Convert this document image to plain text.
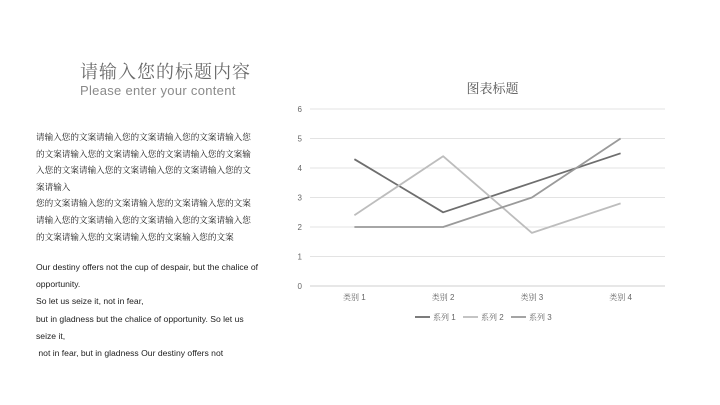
请输入您的标题内容
Please enter your content

请输入您的文案请输入您的文案请输入您的文案请输入您

的文案请输入您的文案请输入您的文案请输入您的文案输

入您的文案请输入您的文案请输入您的文案请输入您的文

案请输入

您的文案请输入您的文案请输入您的文案请输入您的文案

请输入您的文案请输入您的文案请输入您的文案请输入您

的文案请输入您的文案请输入您的文案输入您的文案

Our destiny offers not the cup of despair, but the chalice of

opportunity.

So let us seize it, not in fear,

but in gladness but the chalice of opportunity. So let us

seize it,

not in fear, but in gladness Our destiny offers not

图表标题
0
1
2
3
4
5
6
类别 1	类别 2	类别 3	类别 4
系列 1	系列 2	系列 3
